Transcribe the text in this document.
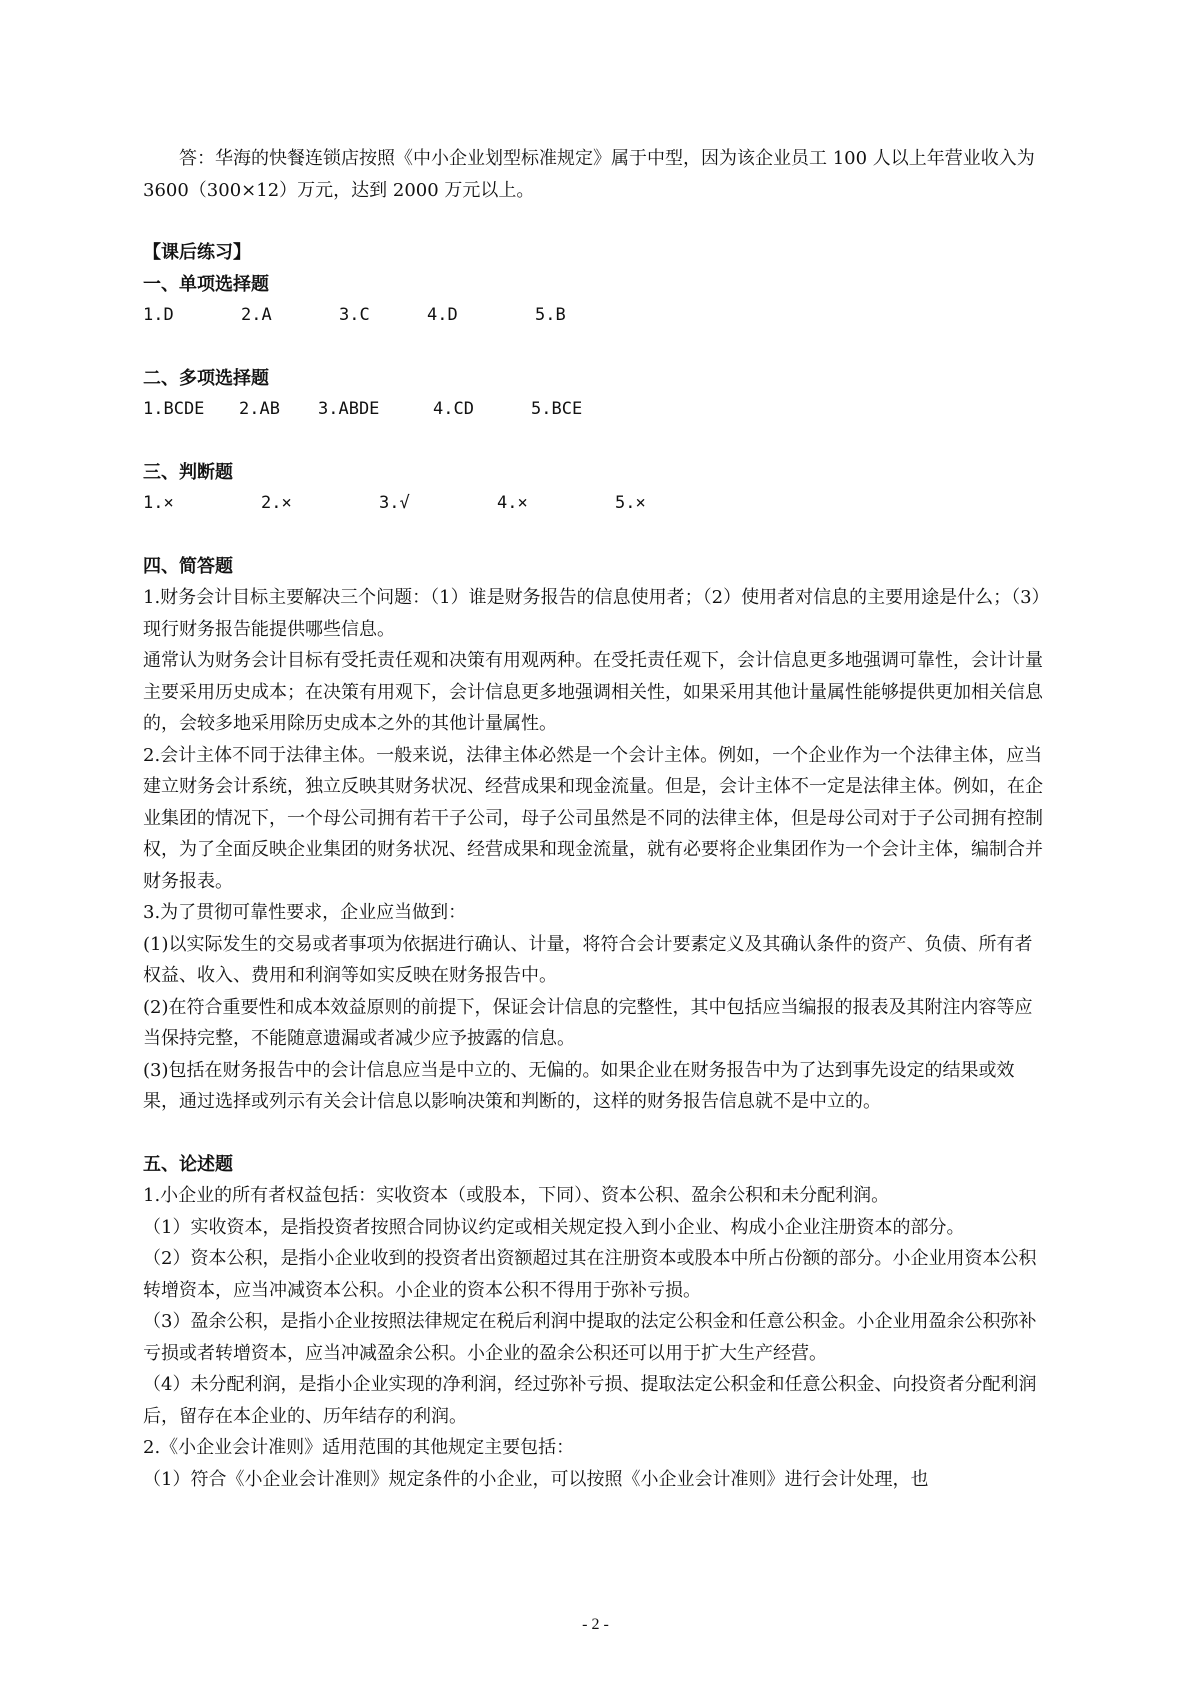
答：华海的快餐连锁店按照《中小企业划型标准规定》属于中型，因为该企业员工 100 人以上年营业收入为 3600（300×12）万元，达到 2000 万元以上。

【课后练习】

一、单项选择题

1.D	2.A	3.C	4.D	5.B

二、多项选择题

1.BCDE	2.AB	3.ABDE	4.CD	5.BCE

三、判断题

1.×	2.×	3.√	4.×	5.×

四、简答题

1.财务会计目标主要解决三个问题：（1）谁是财务报告的信息使用者；（2）使用者对信息的主要用途是什么；（3）现行财务报告能提供哪些信息。

通常认为财务会计目标有受托责任观和决策有用观两种。在受托责任观下，会计信息更多地强调可靠性，会计计量主要采用历史成本；在决策有用观下，会计信息更多地强调相关性，如果采用其他计量属性能够提供更加相关信息的，会较多地采用除历史成本之外的其他计量属性。

2.会计主体不同于法律主体。一般来说，法律主体必然是一个会计主体。例如，一个企业作为一个法律主体，应当建立财务会计系统，独立反映其财务状况、经营成果和现金流量。但是，会计主体不一定是法律主体。例如，在企业集团的情况下，一个母公司拥有若干子公司，母子公司虽然是不同的法律主体，但是母公司对于子公司拥有控制权，为了全面反映企业集团的财务状况、经营成果和现金流量，就有必要将企业集团作为一个会计主体，编制合并财务报表。

3.为了贯彻可靠性要求，企业应当做到：

(1)以实际发生的交易或者事项为依据进行确认、计量，将符合会计要素定义及其确认条件的资产、负债、所有者权益、收入、费用和利润等如实反映在财务报告中。

(2)在符合重要性和成本效益原则的前提下，保证会计信息的完整性，其中包括应当编报的报表及其附注内容等应当保持完整，不能随意遗漏或者减少应予披露的信息。

(3)包括在财务报告中的会计信息应当是中立的、无偏的。如果企业在财务报告中为了达到事先设定的结果或效果，通过选择或列示有关会计信息以影响决策和判断的，这样的财务报告信息就不是中立的。

五、论述题

1.小企业的所有者权益包括：实收资本（或股本，下同）、资本公积、盈余公积和未分配利润。

（1）实收资本，是指投资者按照合同协议约定或相关规定投入到小企业、构成小企业注册资本的部分。

（2）资本公积，是指小企业收到的投资者出资额超过其在注册资本或股本中所占份额的部分。小企业用资本公积转增资本，应当冲减资本公积。小企业的资本公积不得用于弥补亏损。

（3）盈余公积，是指小企业按照法律规定在税后利润中提取的法定公积金和任意公积金。小企业用盈余公积弥补亏损或者转增资本，应当冲减盈余公积。小企业的盈余公积还可以用于扩大生产经营。

（4）未分配利润，是指小企业实现的净利润，经过弥补亏损、提取法定公积金和任意公积金、向投资者分配利润后，留存在本企业的、历年结存的利润。

2.《小企业会计准则》适用范围的其他规定主要包括：

（1）符合《小企业会计准则》规定条件的小企业，可以按照《小企业会计准则》进行会计处理，也

- 2 -
